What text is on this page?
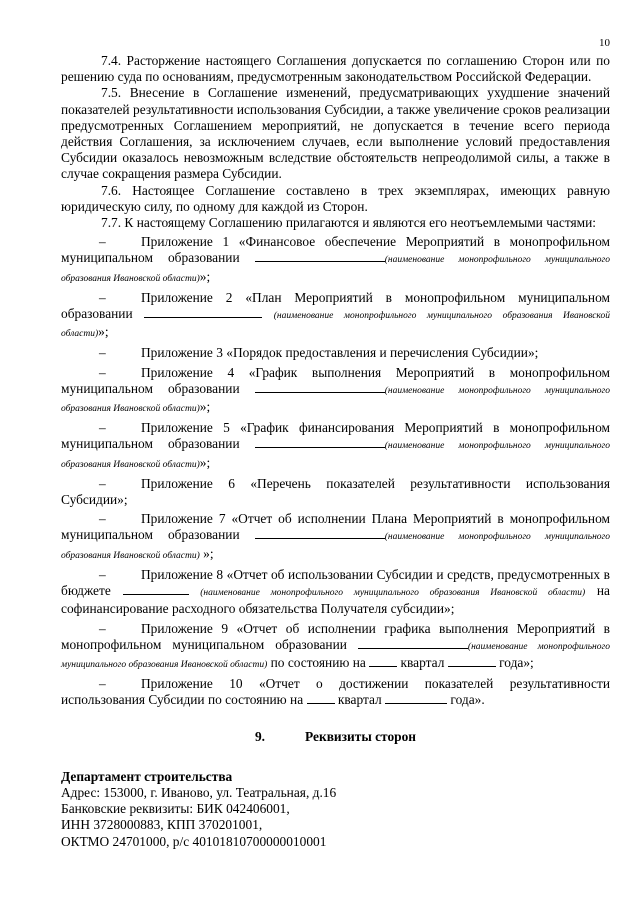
10

7.4. Расторжение настоящего Соглашения допускается по соглашению Сторон или по решению суда по основаниям, предусмотренным законодательством Российской Федерации.

7.5. Внесение в Соглашение изменений, предусматривающих ухудшение значений показателей результативности использования Субсидии, а также увеличение сроков реализации предусмотренных Соглашением мероприятий, не допускается в течение всего периода действия Соглашения, за исключением случаев, если выполнение условий предоставления Субсидии оказалось невозможным вследствие обстоятельств непреодолимой силы, а также в случае сокращения размера Субсидии.

7.6. Настоящее Соглашение составлено в трех экземплярах, имеющих равную юридическую силу, по одному для каждой из Сторон.

7.7. К настоящему Соглашению прилагаются и являются его неотъемлемыми частями:

–	Приложение 1 «Финансовое обеспечение Мероприятий в монопрофильном муниципальном образовании	(наименование монопрофильного муниципального образования Ивановской области)»;

–	Приложение 2 «План Мероприятий в монопрофильном муниципальном образовании	(наименование монопрофильного муниципального образования Ивановской области)»;

–	Приложение 3 «Порядок предоставления и перечисления Субсидии»;

–	Приложение 4 «График выполнения Мероприятий в монопрофильном муниципальном образовании	(наименование монопрофильного муниципального образования Ивановской области)»;

–	Приложение 5 «График финансирования Мероприятий в монопрофильном муниципальном образовании	(наименование монопрофильного муниципального образования Ивановской области)»;

–	Приложение 6 «Перечень показателей результативности использования Субсидии»;

–	Приложение 7 «Отчет об исполнении Плана Мероприятий в монопрофильном муниципальном образовании	(наименование монопрофильного муниципального образования Ивановской области) »;

–	Приложение 8 «Отчет об использовании Субсидии и средств, предусмотренных в бюджете	(наименование монопрофильного муниципального образования Ивановской области) на софинансирование расходного обязательства Получателя субсидии»;

–	Приложение 9 «Отчет об исполнении графика выполнения Мероприятий в монопрофильном муниципальном образовании	(наименование монопрофильного муниципального образования Ивановской области) по состоянию на  квартал	года»;

–	Приложение 10 «Отчет о достижении показателей результативности использования Субсидии по состоянию на  квартал	года».

9.	Реквизиты сторон

Департамент строительства

Адрес: 153000, г. Иваново, ул. Театральная, д.16

Банковские реквизиты: БИК 042406001,

ИНН 3728000883, КПП 370201001,

ОКТМО 24701000, р/с 40101810700000010001
